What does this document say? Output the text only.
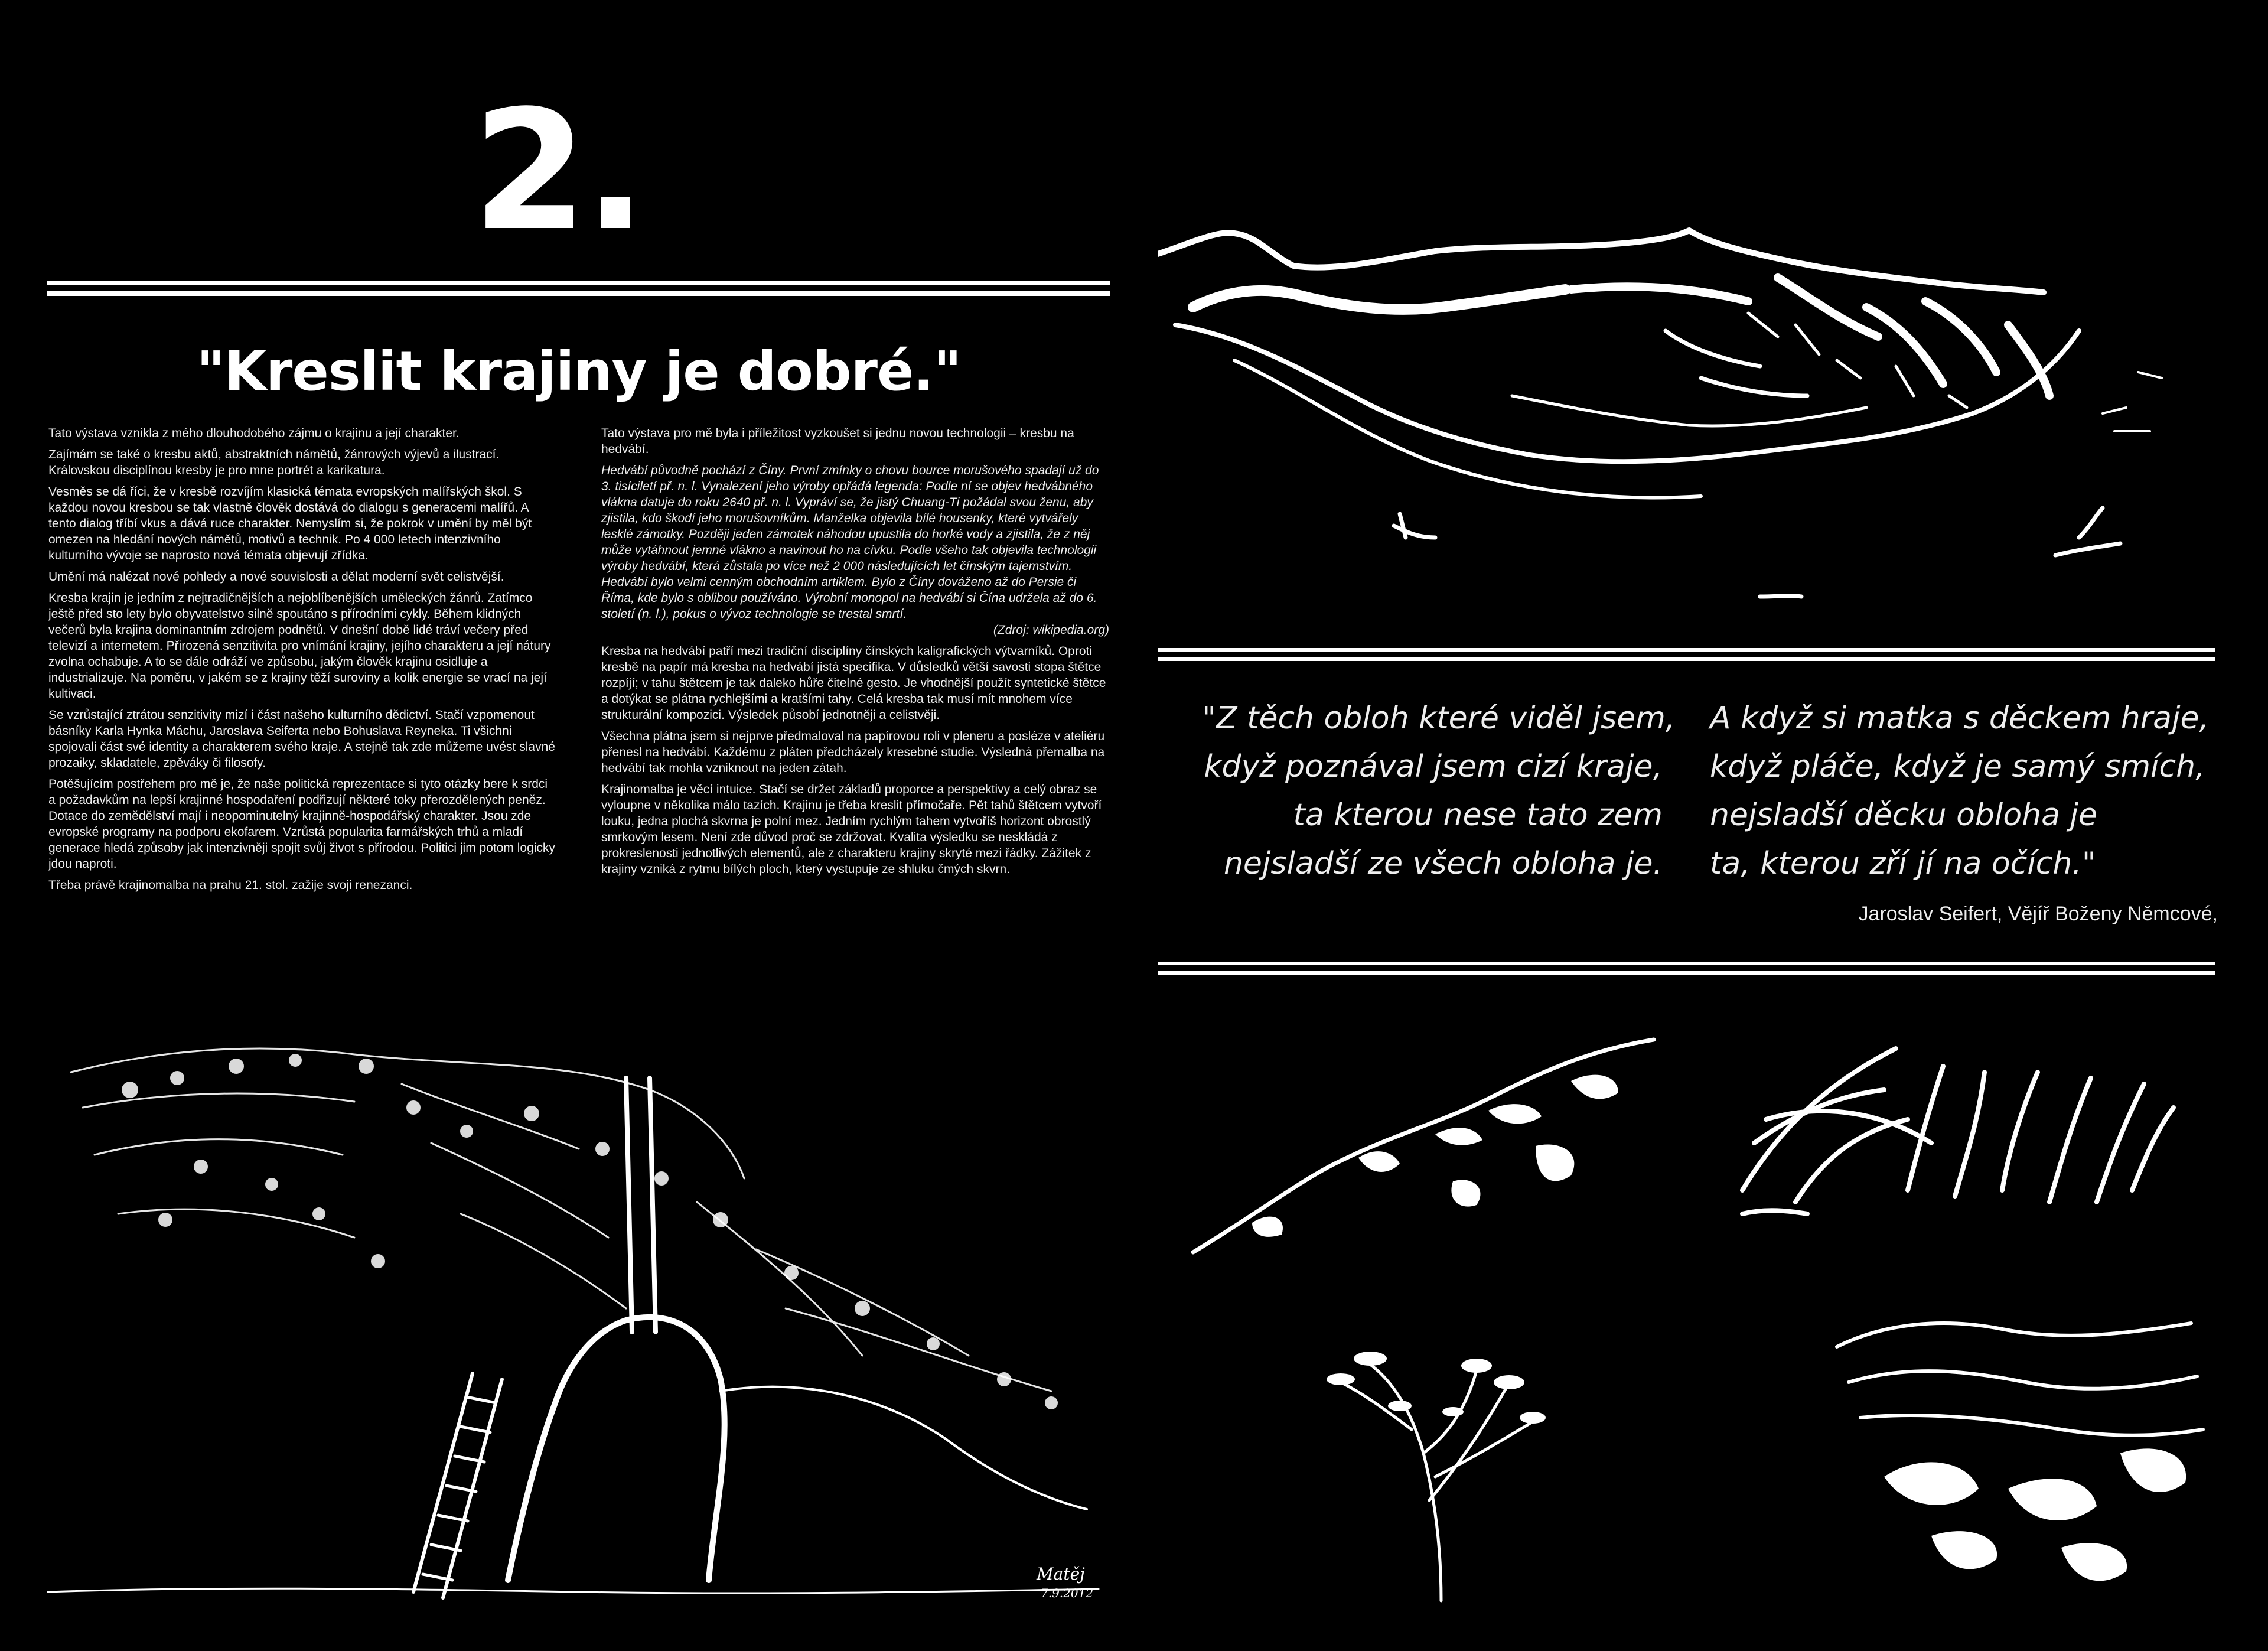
2.
"Kreslit krajiny je dobré."

Tato výstava vznikla z mého dlouhodobého zájmu o krajinu a její charakter.

Zajímám se také o kresbu aktů, abstraktních námětů, žánrových výjevů a ilustrací. Královskou disciplínou kresby je pro mne portrét a karikatura.

Vesměs se dá říci, že v kresbě rozvíjím klasická témata evropských malířských škol. S každou novou kresbou se tak vlastně člověk dostává do dialogu s generacemi malířů. A tento dialog tříbí vkus a dává ruce charakter. Nemyslím si, že pokrok v umění by měl být omezen na hledání nových námětů, motivů a technik. Po 4 000 letech intenzivního kulturního vývoje se naprosto nová témata objevují zřídka.

Umění má nalézat nové pohledy a nové souvislosti a dělat moderní svět celistvější.

Kresba krajin je jedním z nejtradičnějších a nejoblíbenějších uměleckých žánrů. Zatímco ještě před sto lety bylo obyvatelstvo silně spoutáno s přírodními cykly. Během klidných večerů byla krajina dominantním zdrojem podnětů. V dnešní době lidé tráví večery před televizí a internetem. Přirozená senzitivita pro vnímání krajiny, jejího charakteru a její nátury zvolna ochabuje. A to se dále odráží ve způsobu, jakým člověk krajinu osidluje a industrializuje. Na poměru, v jakém se z krajiny těží suroviny a kolik energie se vrací na její kultivaci.

Se vzrůstající ztrátou senzitivity mizí i část našeho kulturního dědictví. Stačí vzpomenout básníky Karla Hynka Máchu, Jaroslava Seiferta nebo Bohuslava Reyneka. Ti všichni spojovali část své identity a charakterem svého kraje. A stejně tak zde můžeme uvést slavné prozaiky, skladatele, zpěváky či filosofy.

Potěšujícím postřehem pro mě je, že naše politická reprezentace si tyto otázky bere k srdci a požadavkům na lepší krajinné hospodaření podřizují některé toky přerozdělených peněz. Dotace do zemědělství mají i neopominutelný krajinně-hospodářský charakter. Jsou zde evropské programy na podporu ekofarem. Vzrůstá popularita farmářských trhů a mladí generace hledá způsoby jak intenzivněji spojit svůj život s přírodou. Politici jim potom logicky jdou naproti.

Třeba právě krajinomalba na prahu 21. stol. zažije svoji renezanci.

Tato výstava pro mě byla i příležitost vyzkoušet si jednu novou technologii – kresbu na hedvábí.

Hedvábí původně pochází z Číny. První zmínky o chovu bource morušového spadají už do 3. tisíciletí př. n. l. Vynalezení jeho výroby opřádá legenda: Podle ní se objev hedvábného vlákna datuje do roku 2640 př. n. l. Vypráví se, že jistý Chuang-Ti požádal svou ženu, aby zjistila, kdo škodí jeho morušovníkům. Manželka objevila bílé housenky, které vytvářely lesklé zámotky. Později jeden zámotek náhodou upustila do horké vody a zjistila, že z něj může vytáhnout jemné vlákno a navinout ho na cívku. Podle všeho tak objevila technologii výroby hedvábí, která zůstala po více než 2 000 následujících let čínským tajemstvím. Hedvábí bylo velmi cenným obchodním artiklem. Bylo z Číny dováženo až do Persie či Říma, kde bylo s oblibou používáno. Výrobní monopol na hedvábí si Čína udržela až do 6. století (n. l.), pokus o vývoz technologie se trestal smrtí.
(Zdroj: wikipedia.org)

Kresba na hedvábí patří mezi tradiční disciplíny čínských kaligrafických výtvarníků. Oproti kresbě na papír má kresba na hedvábí jistá specifika. V důsledků větší savosti stopa štětce rozpíjí; v tahu štětcem je tak daleko hůře čitelné gesto. Je vhodnější použít syntetické štětce a dotýkat se plátna rychlejšími a kratšími tahy. Celá kresba tak musí mít mnohem více strukturální kompozici. Výsledek působí jednotněji a celistvěji.

Všechna plátna jsem si nejprve předmaloval na papírovou roli v pleneru a posléze v ateliéru přenesl na hedvábí. Každému z pláten předcházely kresebné studie. Výsledná přemalba na hedvábí tak mohla vzniknout na jeden zátah.

Krajinomalba je věcí intuice. Stačí se držet základů proporce a perspektivy a celý obraz se vyloupne v několika málo tazích. Krajinu je třeba kreslit přímočaře. Pět tahů štětcem vytvoří louku, jedna plochá skvrna je polní mez. Jedním rychlým tahem vytvoříš horizont obrostlý smrkovým lesem. Není zde důvod proč se zdržovat. Kvalita výsledku se neskládá z prokreslenosti jednotlivých elementů, ale z charakteru krajiny skryté mezi řádky. Zážitek z krajiny vzniká z rytmu bílých ploch, který vystupuje ze shluku čmých skvrn.

"Z těch obloh které viděl jsem,
když poznával jsem cizí kraje,
ta kterou nese tato zem
nejsladší ze všech obloha je.
A když si matka s děckem hraje,
když pláče, když je samý smích,
nejsladší děcku obloha je
ta, kterou zří jí na očích."
Jaroslav Seifert, Vějíř Boženy Němcové,
Matěj
7.9.2012
